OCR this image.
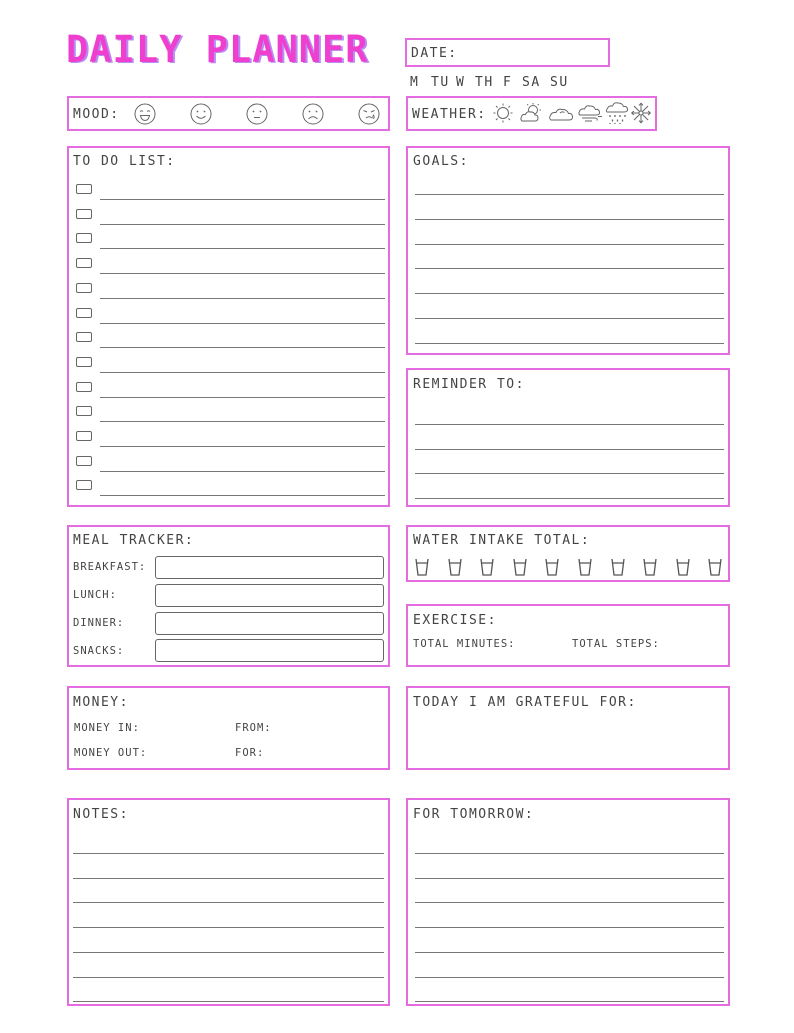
DAILY PLANNER	DATE:
M TU W TH F SA SU
MOOD:	WEATHER:
TO DO LIST:	GOALS:
REMINDER TO:
MEAL TRACKER:
BREAKFAST:
LUNCH:
DINNER:
SNACKS:
WATER INTAKE TOTAL:
EXERCISE:
TOTAL MINUTES:	TOTAL STEPS:
MONEY:
MONEY IN:	FROM:
MONEY OUT:	FOR:
TODAY I AM GRATEFUL FOR:
NOTES:	FOR TOMORROW:
